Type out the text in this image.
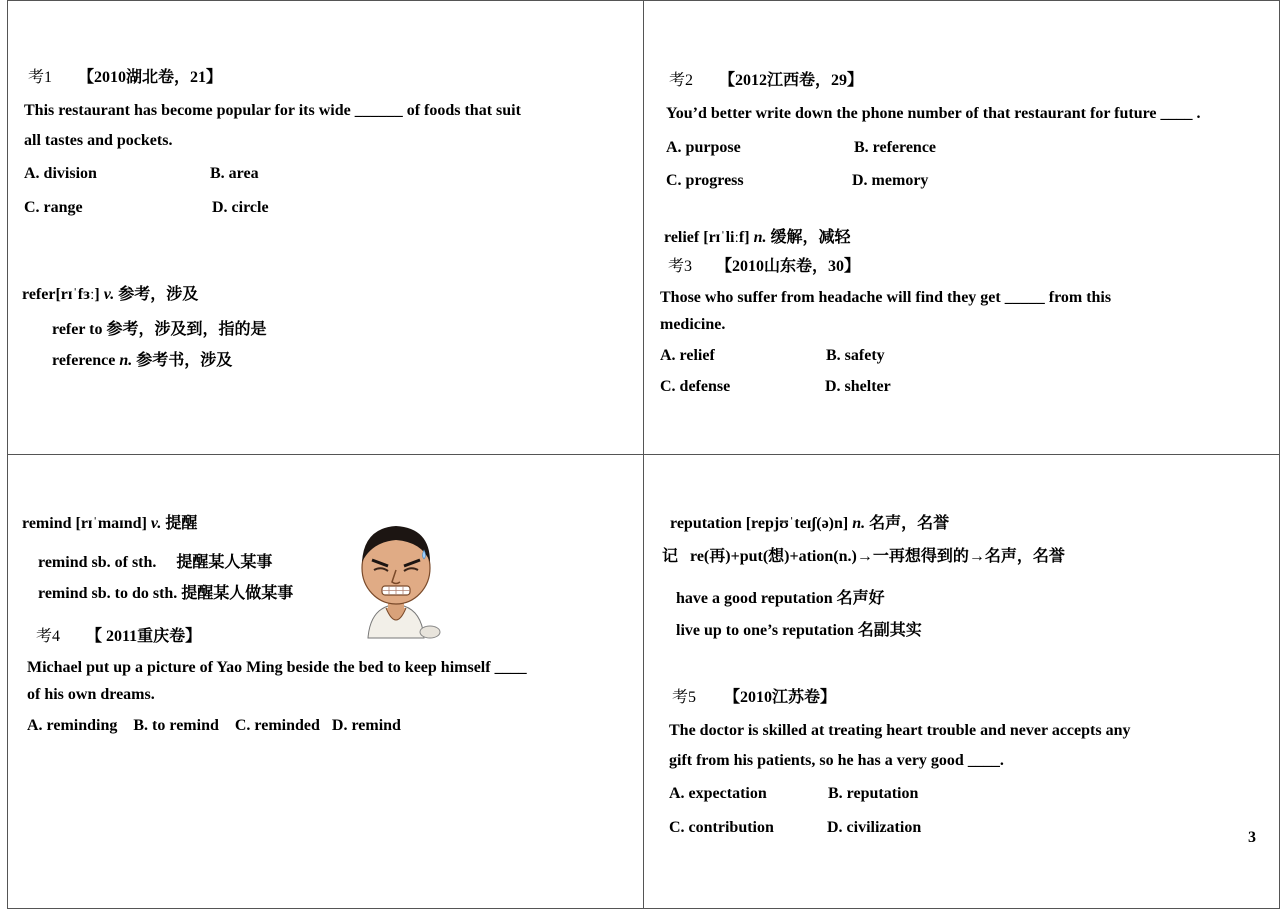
考1 【2010湖北卷，21】
This restaurant has become popular for its wide ______ of foods that suit
all tastes and pockets.
A. division	B. area
C. range	D. circle
refer[rɪˈfɜː] v. 参考，涉及
refer to 参考，涉及到，指的是
reference n. 参考书，涉及
考2 【2012江西卷，29】
You’d better write down the phone number of that restaurant for future ____ .
A. purpose	B. reference
C. progress	D. memory
relief [rɪˈliːf] n. 缓解，减轻
考3 【2010山东卷，30】
Those who suffer from headache will find they get _____ from this
medicine.
A. relief	B. safety
C. defense	D. shelter
remind [rɪˈmaɪnd] v. 提醒
remind sb. of sth.     提醒某人某事
remind sb. to do sth. 提醒某人做某事
考4 【 2011重庆卷】
Michael put up a picture of Yao Ming beside the bed to keep himself ____
of his own dreams.
A. reminding    B. to remind    C. reminded   D. remind
reputation [repjʊˈteɪʃ(ə)n] n. 名声，名誉
记 re(再)+put(想)+ation(n.)→一再想得到的→名声，名誉
have a good reputation 名声好
live up to one’s reputation 名副其实
考5 【2010江苏卷】
The doctor is skilled at treating heart trouble and never accepts any
gift from his patients, so he has a very good ____.
A. expectation	B. reputation
C. contribution	D. civilization
3
